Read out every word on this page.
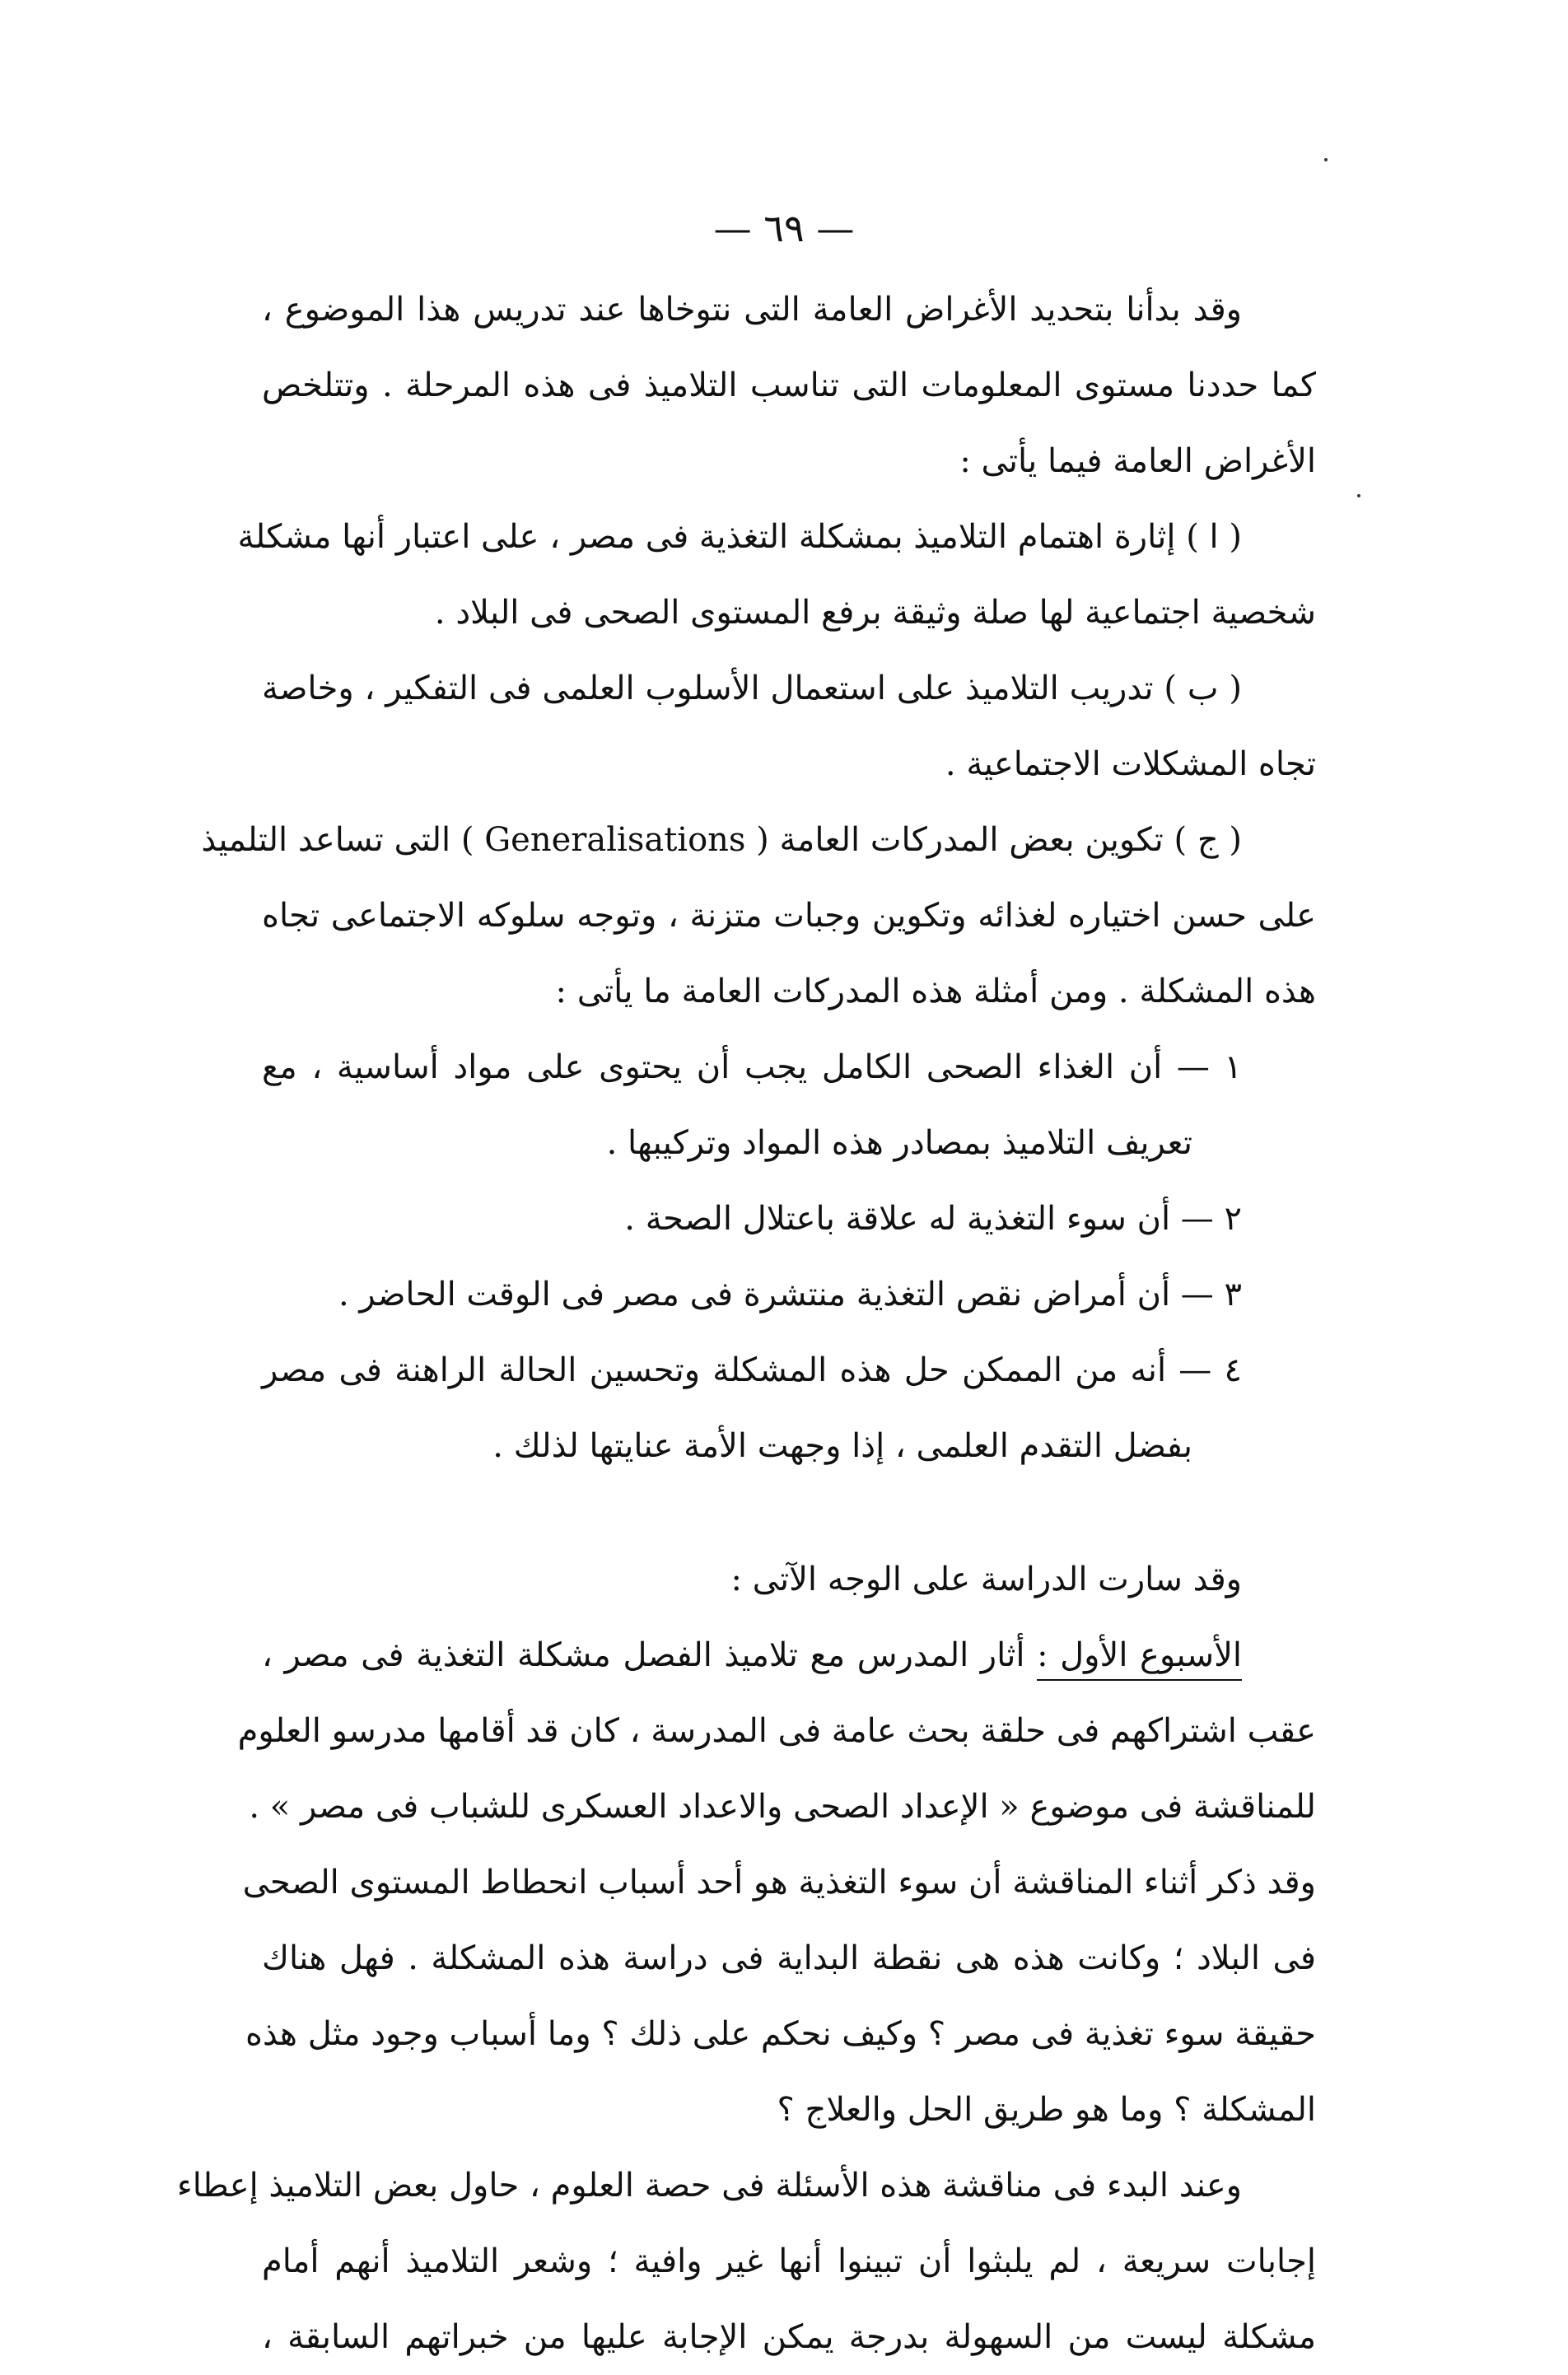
— ٦٩ —
وقد بدأنا بتحديد الأغراض العامة التى نتوخاها عند تدريس هذا الموضوع ،
كما حددنا مستوى المعلومات التى تناسب التلاميذ فى هذه المرحلة . وتتلخص
الأغراض العامة فيما يأتى :
( ا ) إثارة اهتمام التلاميذ بمشكلة التغذية فى مصر ، على اعتبار أنها مشكلة
شخصية اجتماعية لها صلة وثيقة برفع المستوى الصحى فى البلاد .
( ب ) تدريب التلاميذ على استعمال الأسلوب العلمى فى التفكير ، وخاصة
تجاه المشكلات الاجتماعية .
( ج ) تكوين بعض المدركات العامة ( Generalisations ) التى تساعد التلميذ
على حسن اختياره لغذائه وتكوين وجبات متزنة ، وتوجه سلوكه الاجتماعى تجاه
هذه المشكلة . ومن أمثلة هذه المدركات العامة ما يأتى :
١ — أن الغذاء الصحى الكامل يجب أن يحتوى على مواد أساسية ، مع
تعريف التلاميذ بمصادر هذه المواد وتركيبها .
٢ — أن سوء التغذية له علاقة باعتلال الصحة .
٣ — أن أمراض نقص التغذية منتشرة فى مصر فى الوقت الحاضر .
٤ — أنه من الممكن حل هذه المشكلة وتحسين الحالة الراهنة فى مصر
بفضل التقدم العلمى ، إذا وجهت الأمة عنايتها لذلك .
وقد سارت الدراسة على الوجه الآتى :
الأسبوع الأول : أثار المدرس مع تلاميذ الفصل مشكلة التغذية فى مصر ،
عقب اشتراكهم فى حلقة بحث عامة فى المدرسة ، كان قد أقامها مدرسو العلوم
للمناقشة فى موضوع « الإعداد الصحى والاعداد العسكرى للشباب فى مصر » .
وقد ذكر أثناء المناقشة أن سوء التغذية هو أحد أسباب انحطاط المستوى الصحى
فى البلاد ؛ وكانت هذه هى نقطة البداية فى دراسة هذه المشكلة . فهل هناك
حقيقة سوء تغذية فى مصر ؟ وكيف نحكم على ذلك ؟ وما أسباب وجود مثل هذه
المشكلة ؟ وما هو طريق الحل والعلاج ؟
وعند البدء فى مناقشة هذه الأسئلة فى حصة العلوم ، حاول بعض التلاميذ إعطاء
إجابات سريعة ، لم يلبثوا أن تبينوا أنها غير وافية ؛ وشعر التلاميذ أنهم أمام
مشكلة ليست من السهولة بدرجة يمكن الإجابة عليها من خبراتهم السابقة ،
